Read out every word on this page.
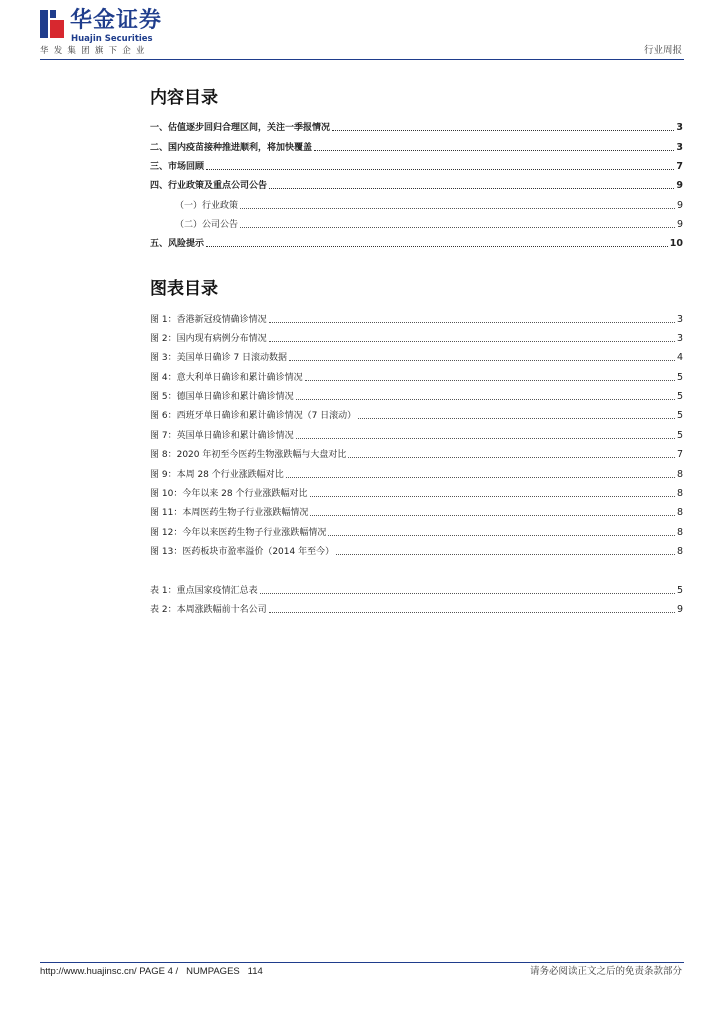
华金证券
Huajin Securities
华发集团旗下企业	行业周报
内容目录
一、估值逐步回归合理区间，关注一季报情况	3
二、国内疫苗接种推进顺利，将加快覆盖	3
三、市场回顾	7
四、行业政策及重点公司公告	9
（一）行业政策	9
（二）公司公告	9
五、风险提示	10
图表目录
图 1：香港新冠疫情确诊情况	3
图 2：国内现有病例分布情况	3
图 3：美国单日确诊 7 日滚动数据	4
图 4：意大利单日确诊和累计确诊情况	5
图 5：德国单日确诊和累计确诊情况	5
图 6：西班牙单日确诊和累计确诊情况（7 日滚动）	5
图 7：英国单日确诊和累计确诊情况	5
图 8：2020 年初至今医药生物涨跌幅与大盘对比	7
图 9：本周 28 个行业涨跌幅对比	8
图 10：今年以来 28 个行业涨跌幅对比	8
图 11：本周医药生物子行业涨跌幅情况	8
图 12：今年以来医药生物子行业涨跌幅情况	8
图 13：医药板块市盈率溢价（2014 年至今）	8
表 1：重点国家疫情汇总表	5
表 2：本周涨跌幅前十名公司	9
http://www.huajinsc.cn/ PAGE 4 /   NUMPAGES   114	请务必阅读正文之后的免责条款部分
